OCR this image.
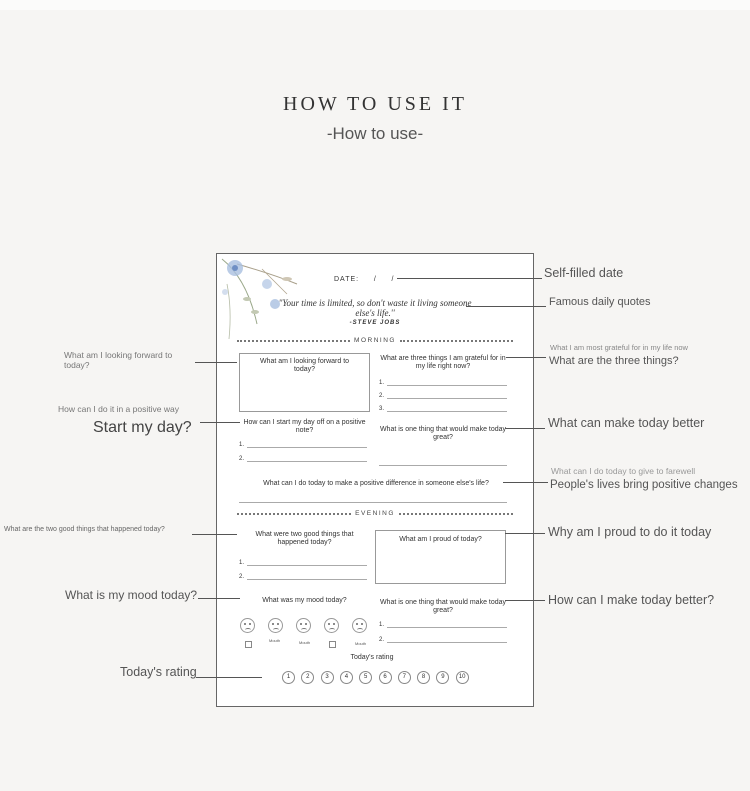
HOW TO USE IT
-How to use-
DATE: / /
"Your time is limited, so don't waste it living someone else's life.''
-STEVE JOBS
MORNING
What am I looking forward to today?
What are three things I am grateful for in my life right now?
1.
2.
3.
How can I start my day off on a positive note?
1.
2.
What is one thing that would make today great?
What can I do today to make a positive difference in someone else's life?
EVENING
What were two good things that happened today?
1.
2.
What am I proud of today?
What was my mood today?
Mouth	Mouth	Mouth
What is one thing that would make today great?
1.
2.
Today's rating
1	2	3	4	5	6	7	8	9	10
Self-filled date
Famous daily quotes
What I am most grateful for in my life now
What are the three things?
What am I looking forward to today?
How can I do it in a positive way
Start my day?	What can make today better
What can I do today to give to farewell
People's lives bring positive changes
What are the two good things that happened today?	Why am I proud to do it today
What is my mood today?	How can I make today better?
Today's rating
